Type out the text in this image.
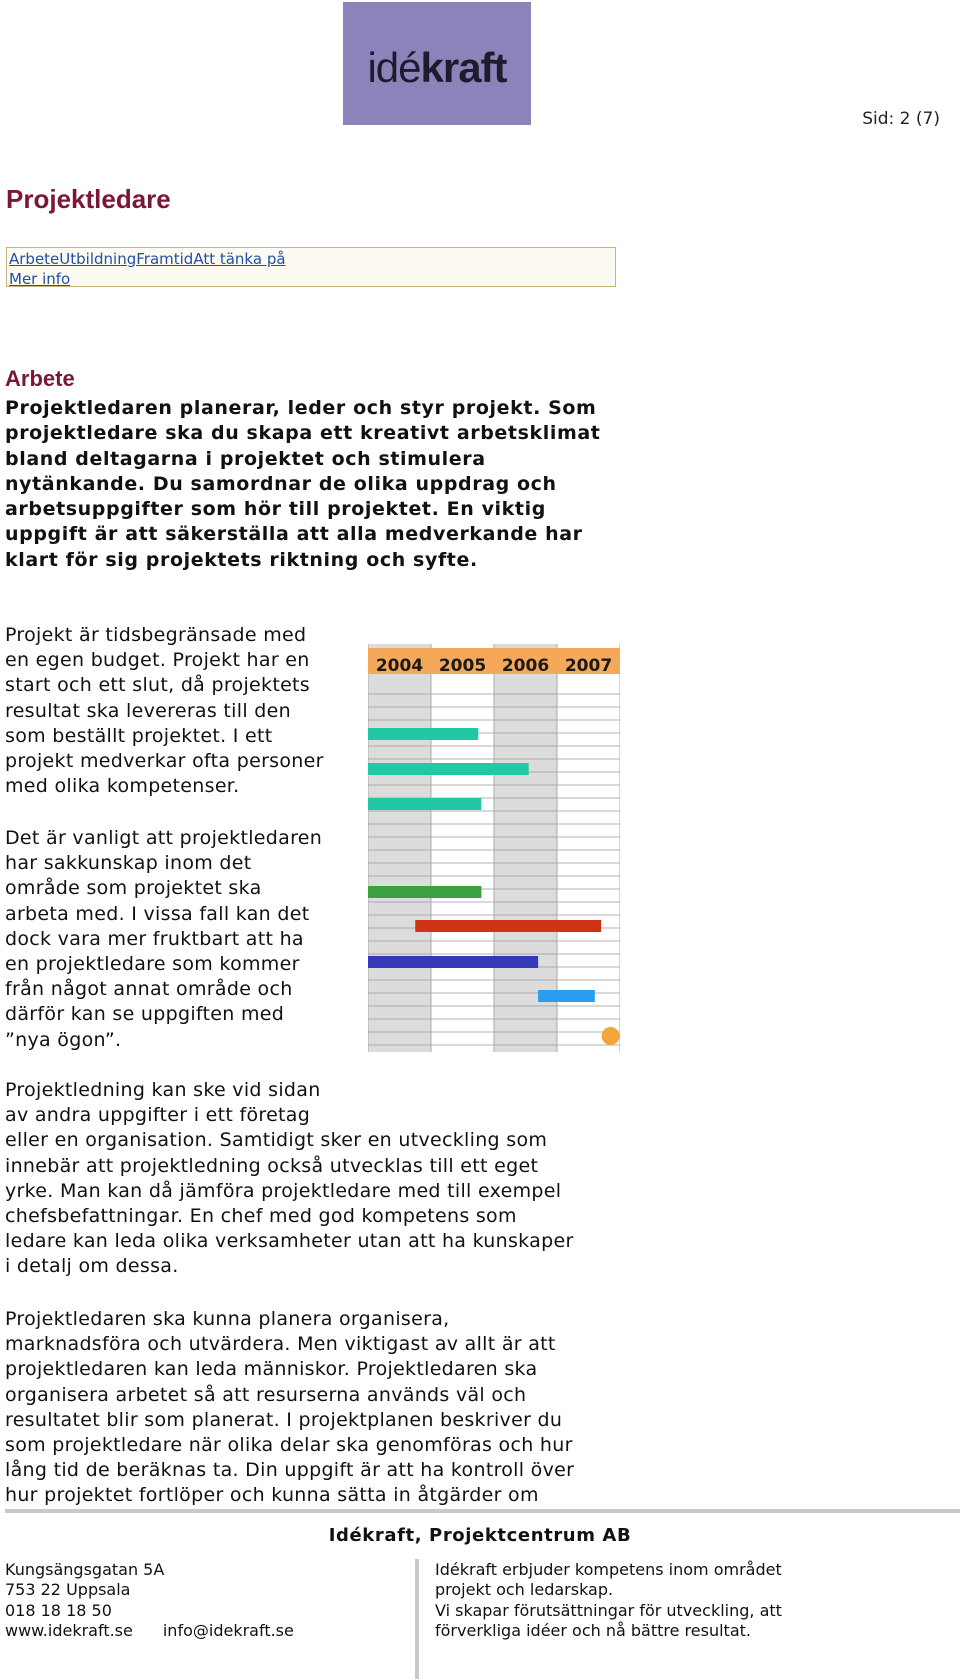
idékraft
Sid: 2 (7)
Projektledare
ArbeteUtbildningFramtidAtt tänka på
Mer info
Arbete

Projektledaren planerar, leder och styr projekt. Som
projektledare ska du skapa ett kreativt arbetsklimat
bland deltagarna i projektet och stimulera
nytänkande. Du samordnar de olika uppdrag och
arbetsuppgifter som hör till projektet. En viktig
uppgift är att säkerställa att alla medverkande har
klart för sig projektets riktning och syfte.

Projekt är tidsbegränsade med
en egen budget. Projekt har en
start och ett slut, då projektets
resultat ska levereras till den
som beställt projektet. I ett
projekt medverkar ofta personer
med olika kompetenser.

Det är vanligt att projektledaren
har sakkunskap inom det
område som projektet ska
arbeta med. I vissa fall kan det
dock vara mer fruktbart att ha
en projektledare som kommer
från något annat område och
därför kan se uppgiften med
”nya ögon”.

Projektledning kan ske vid sidan
av andra uppgifter i ett företag
eller en organisation. Samtidigt sker en utveckling som
innebär att projektledning också utvecklas till ett eget
yrke. Man kan då jämföra projektledare med till exempel
chefsbefattningar. En chef med god kompetens som
ledare kan leda olika verksamheter utan att ha kunskaper
i detalj om dessa.

Projektledaren ska kunna planera organisera,
marknadsföra och utvärdera. Men viktigast av allt är att
projektledaren kan leda människor. Projektledaren ska
organisera arbetet så att resurserna används väl och
resultatet blir som planerat. I projektplanen beskriver du
som projektledare när olika delar ska genomföras och hur
lång tid de beräknas ta. Din uppgift är att ha kontroll över
hur projektet fortlöper och kunna sätta in åtgärder om

2004 2005 2006 2007
Idékraft, Projektcentrum AB
Kungsängsgatan 5A
753 22 Uppsala
018 18 18 50
www.idekraft.se info@idekraft.se
Idékraft erbjuder kompetens inom området
projekt och ledarskap.
Vi skapar förutsättningar för utveckling, att
förverkliga idéer och nå bättre resultat.
